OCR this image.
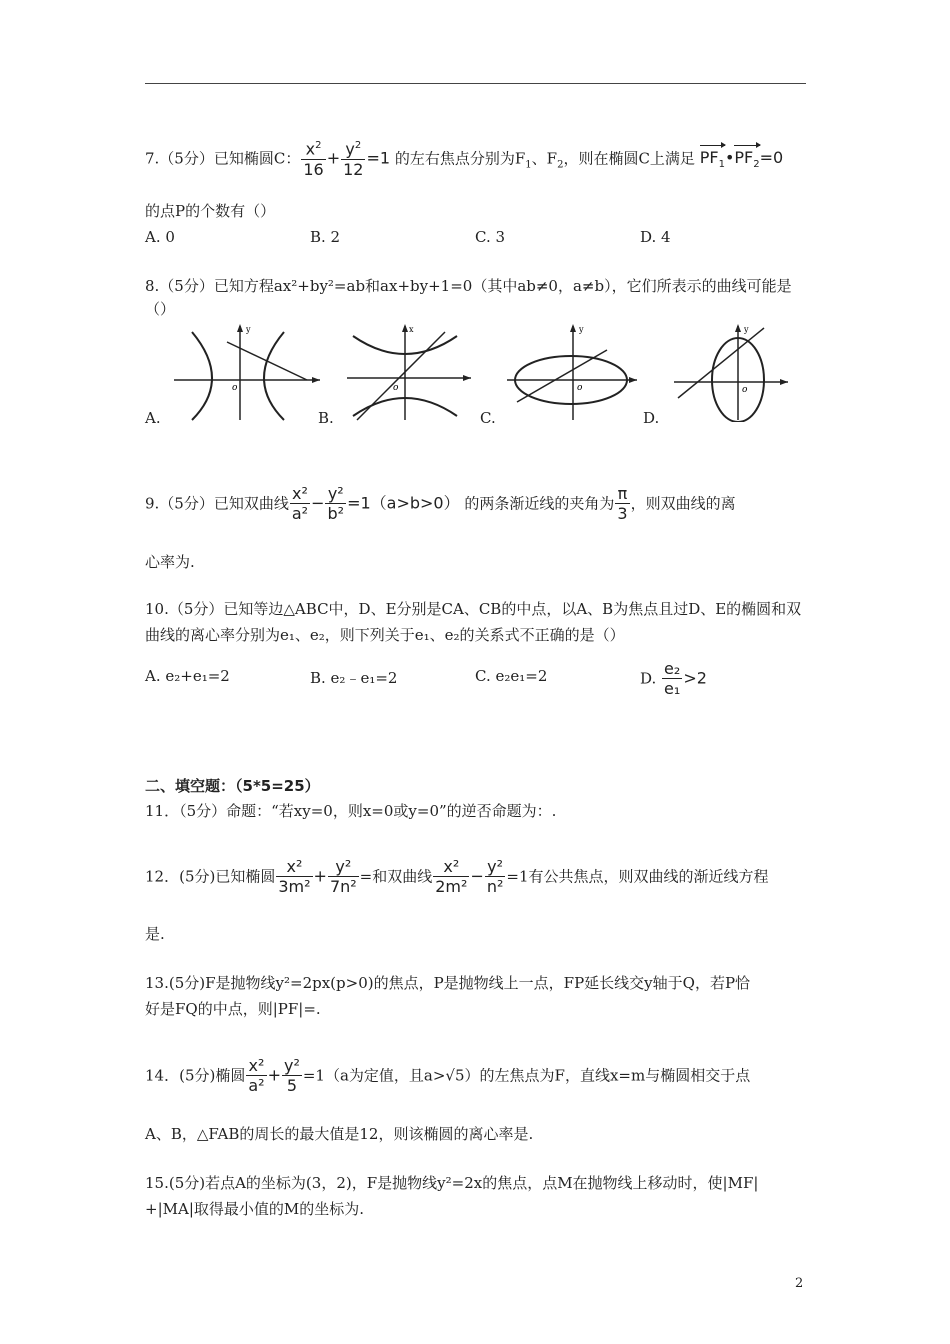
7.（5分）已知椭圆C： $\frac{x^2}{16} + \frac{y^2}{12} =1$ 的左右焦点分别为$F_1$、$F_2$，则在椭圆C上满足 $PF_1•PF_2=0$
的点P的个数有（）
A. 0	B. 2	C. 3	D. 4
8.（5分）已知方程ax²+by²=ab和ax+by+1=0（其中ab≠0，a≠b），它们所表示的曲线可能是
（）
A.	B.	C.	D.
o
y
o
x
o
y
o
y
9.（5分）已知双曲线 $\frac{\text{x²}}{\text{a²}} - \frac{\text{y²}}{\text{b²}} =1(a>b>0)$ 的两条渐近线的夹角为 $\frac{\pi}{3}$ ，则双曲线的离
心率为.
10.（5分）已知等边△ABC中，D、E分别是CA、CB的中点，以A、B为焦点且过D、E的椭圆和双
曲线的离心率分别为e₁、e₂，则下列关于e₁、e₂的关系式不正确的是（）
A. e₂+e₁=2	B. e₂﹣e₁=2	C. e₂e₁=2	D. $\frac{\text{e₂}}{\text{e₁}} >2$
二、填空题：（5*5=25）
11．（5分）命题：“若xy=0，则x=0或y=0”的逆否命题为：.
12．(5分)已知椭圆 $\frac{\text{x²}}{\text{3m²}} + \frac{\text{y²}}{\text{7n²}}$ =和双曲线 $\frac{\text{x²}}{\text{2m²}} - \frac{\text{y²}}{\text{n²}} =1$有公共焦点，则双曲线的渐近线方程
是.
13.(5分)F是抛物线y²=2px(p>0)的焦点，P是抛物线上一点，FP延长线交y轴于Q，若P恰
好是FQ的中点，则|PF|=.
14．(5分)椭圆 $\frac{\text{x²}}{\text{a²}} + \frac{\text{y²}}{5} =1(a$为定值，且a>√5）的左焦点为F，直线x=m与椭圆相交于点
A、B，△FAB的周长的最大值是12，则该椭圆的离心率是.
15.(5分)若点A的坐标为(3，2)，F是抛物线y²=2x的焦点，点M在抛物线上移动时，使|MF|
+|MA|取得最小值的M的坐标为.
2
